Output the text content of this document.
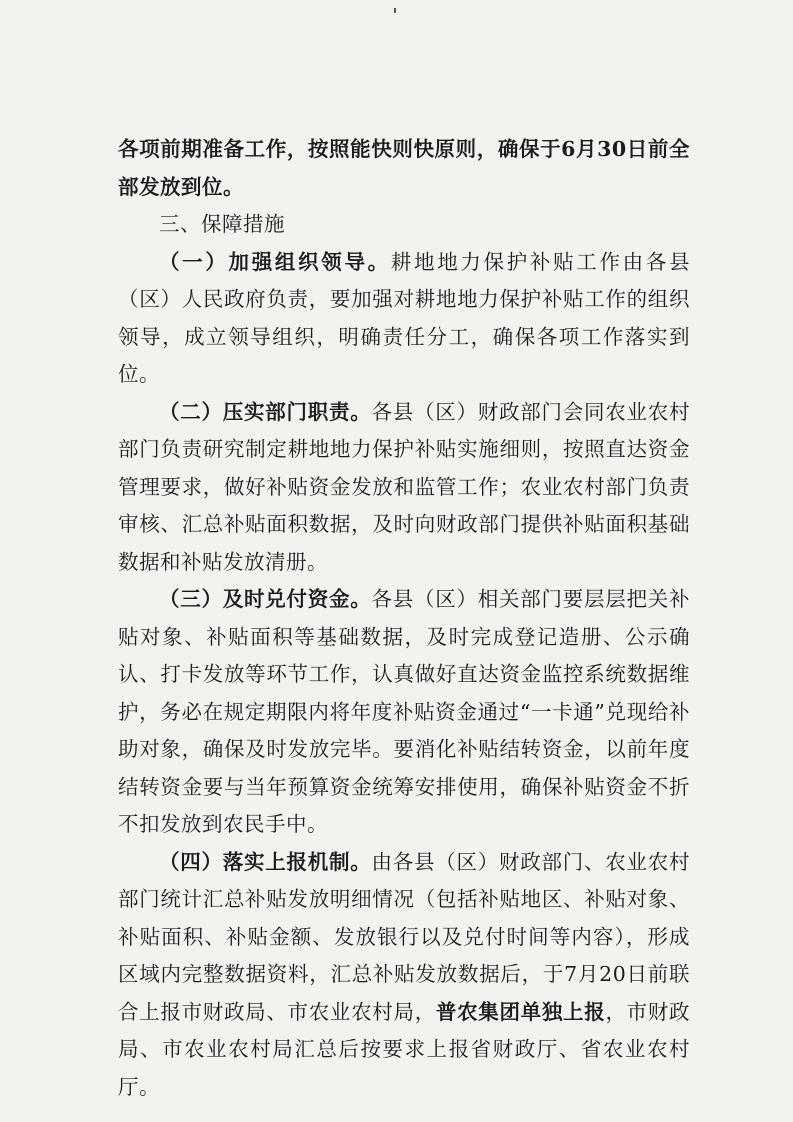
各项前期准备工作，按照能快则快原则，确保于6月30日前全部发放到位。

三、保障措施

（一）加强组织领导。耕地地力保护补贴工作由各县（区）人民政府负责，要加强对耕地地力保护补贴工作的组织领导，成立领导组织，明确责任分工，确保各项工作落实到位。

（二）压实部门职责。各县（区）财政部门会同农业农村部门负责研究制定耕地地力保护补贴实施细则，按照直达资金管理要求，做好补贴资金发放和监管工作；农业农村部门负责审核、汇总补贴面积数据，及时向财政部门提供补贴面积基础数据和补贴发放清册。

（三）及时兑付资金。各县（区）相关部门要层层把关补贴对象、补贴面积等基础数据，及时完成登记造册、公示确认、打卡发放等环节工作，认真做好直达资金监控系统数据维护，务必在规定期限内将年度补贴资金通过“一卡通”兑现给补助对象，确保及时发放完毕。要消化补贴结转资金，以前年度结转资金要与当年预算资金统筹安排使用，确保补贴资金不折不扣发放到农民手中。

（四）落实上报机制。由各县（区）财政部门、农业农村部门统计汇总补贴发放明细情况（包括补贴地区、补贴对象、补贴面积、补贴金额、发放银行以及兑付时间等内容），形成区域内完整数据资料，汇总补贴发放数据后，于7月20日前联合上报市财政局、市农业农村局，普农集团单独上报，市财政局、市农业农村局汇总后按要求上报省财政厅、省农业农村厅。
